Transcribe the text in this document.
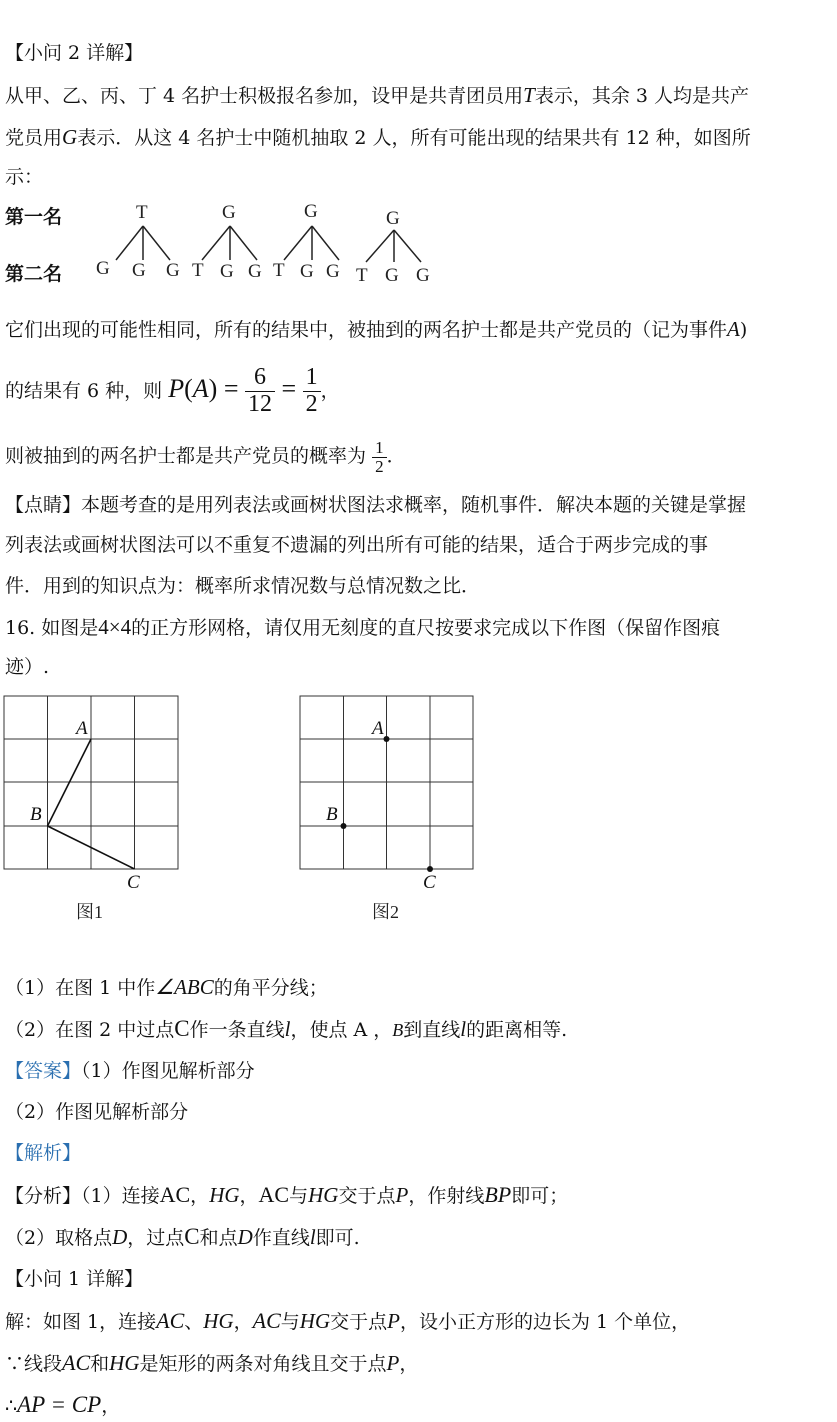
【小问 2 详解】
从甲、乙、丙、丁 4 名护士积极报名参加，设甲是共青团员用T表示，其余 3 人均是共产
党员用G表示．从这 4 名护士中随机抽取 2 人，所有可能出现的结果共有 12 种，如图所
示：
第一名
第二名
T	G	G	G
G G G T G G T G G T G G
它们出现的可能性相同，所有的结果中，被抽到的两名护士都是共产党员的（记为事件A)
的结果有 6 种，则 $P(A) = \frac{6}{12} = \frac{1}{2}$ ，
则被抽到的两名护士都是共产党员的概率为 $\frac{1}{2}$ ．
【点睛】本题考查的是用列表法或画树状图法求概率，随机事件．解决本题的关键是掌握
列表法或画树状图法可以不重复不遗漏的列出所有可能的结果，适合于两步完成的事
件．用到的知识点为：概率所求情况数与总情况数之比．
16. 如图是4×4的正方形网格，请仅用无刻度的直尺按要求完成以下作图（保留作图痕
迹）.
A
B
C
图1
A
B
C
图2
（1）在图 1 中作∠ABC的角平分线；
（2）在图 2 中过点C作一条直线l，使点 A ，B到直线l的距离相等.
【答案】（1）作图见解析部分
（2）作图见解析部分
【解析】
【分析】（1）连接AC，HG，AC与HG交于点P，作射线BP即可；
（2）取格点D，过点C和点D作直线l即可.
【小问 1 详解】
解：如图 1，连接AC、HG，AC与HG交于点P，设小正方形的边长为 1 个单位，
∵线段AC和HG是矩形的两条对角线且交于点P，
∴AP = CP，
